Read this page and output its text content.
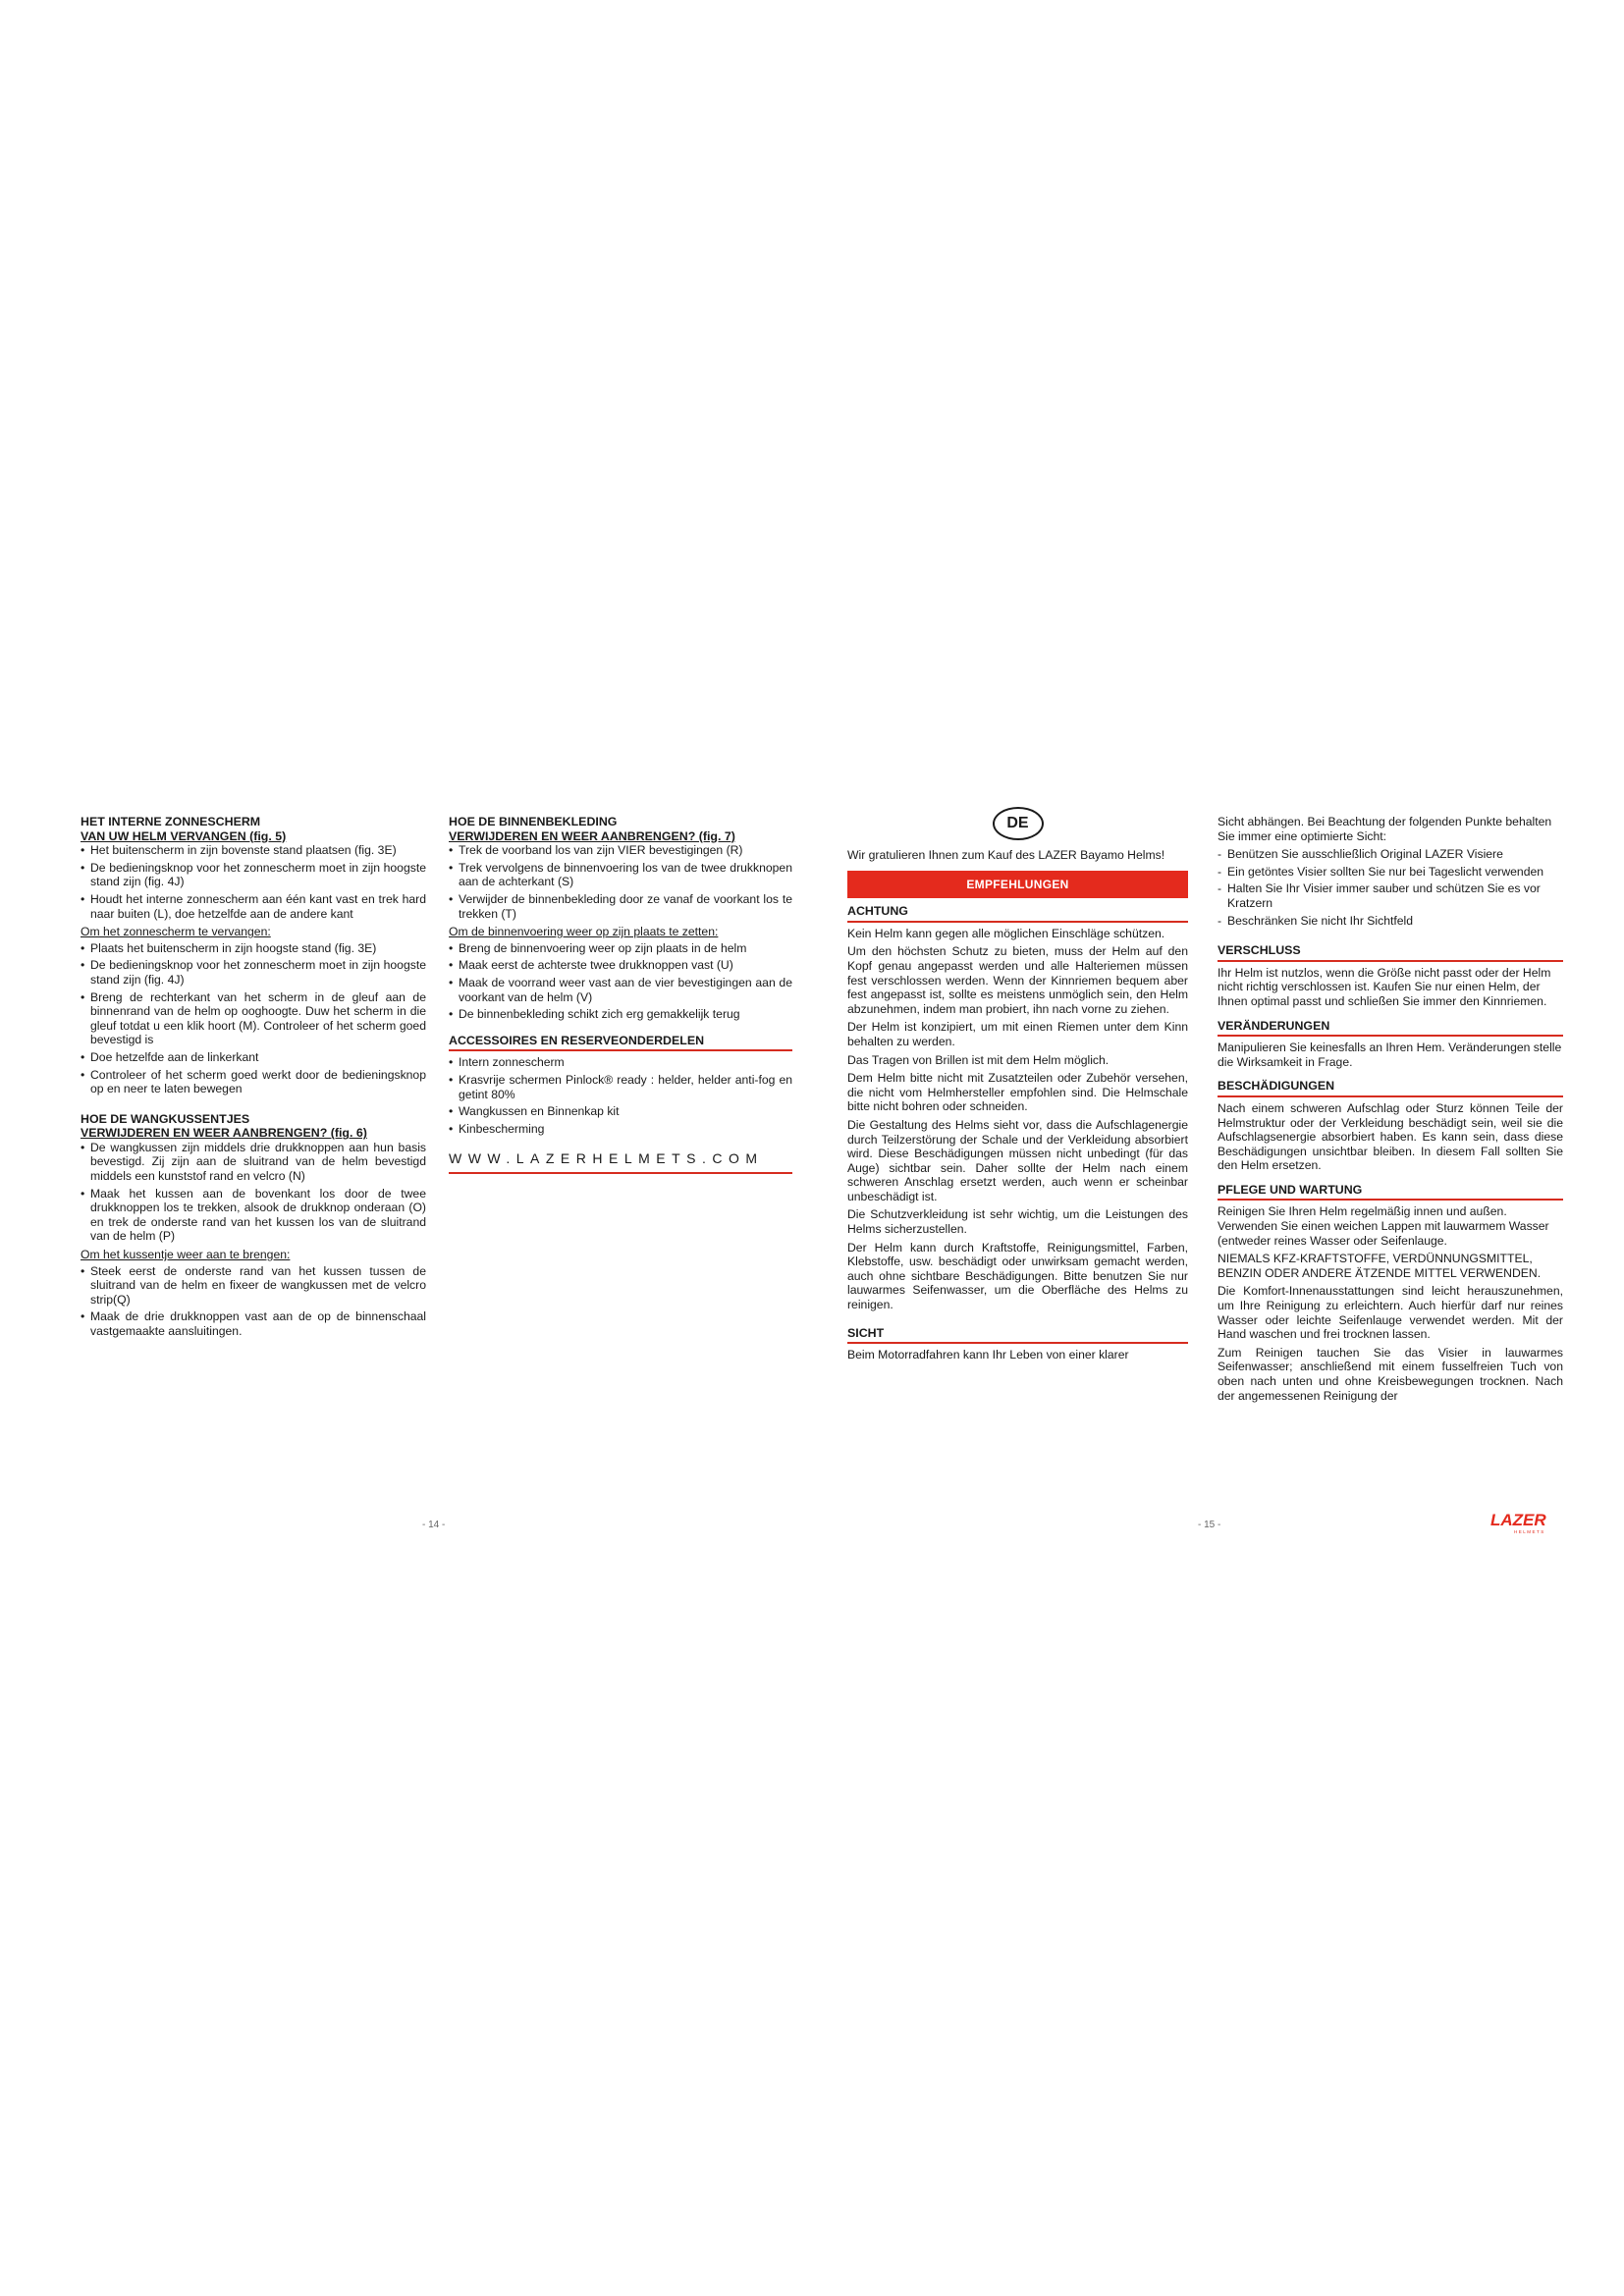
HET INTERNE ZONNESCHERM
VAN UW HELM VERVANGEN (fig. 5)
• Het buitenscherm in zijn bovenste stand plaatsen (fig. 3E)
• De bedieningsknop voor het zonnescherm moet in zijn hoogste stand zijn (fig. 4J)
• Houdt het interne zonnescherm aan één kant vast en trek hard naar buiten (L), doe hetzelfde aan de andere kant
Om het zonnescherm te vervangen:
• Plaats het buitenscherm in zijn hoogste stand (fig. 3E)
• De bedieningsknop voor het zonnescherm moet in zijn hoogste stand zijn (fig. 4J)
• Breng de rechterkant van het scherm in de gleuf aan de binnenrand van de helm op ooghoogte. Duw het scherm in die gleuf totdat u een klik hoort (M). Controleer of het scherm goed bevestigd is
• Doe hetzelfde aan de linkerkant
• Controleer of het scherm goed werkt door de bedieningsknop op en neer te laten bewegen
HOE DE WANGKUSSENTJES
VERWIJDEREN EN WEER AANBRENGEN? (fig. 6)
• De wangkussen zijn middels drie drukknoppen aan hun basis bevestigd. Zij zijn aan de sluitrand van de helm bevestigd middels een kunststof rand en velcro (N)
• Maak het kussen aan de bovenkant los door de twee drukknoppen los te trekken, alsook de drukknop onderaan (O) en trek de onderste rand van het kussen los van de sluitrand van de helm (P)
Om het kussentje weer aan te brengen:
• Steek eerst de onderste rand van het kussen tussen de sluitrand van de helm en fixeer de wangkussen met de velcro strip(Q)
• Maak de drie drukknoppen vast aan de op de binnenschaal vastgemaakte aansluitingen.
HOE DE BINNENBEKLEDING
VERWIJDEREN EN WEER AANBRENGEN? (fig. 7)
• Trek de voorband los van zijn VIER bevestigingen (R)
• Trek vervolgens de binnenvoering los van de twee drukknopen aan de achterkant (S)
• Verwijder de binnenbekleding door ze vanaf de voorkant los te trekken (T)
Om de binnenvoering weer op zijn plaats te zetten:
• Breng de binnenvoering weer op zijn plaats in de helm
• Maak eerst de achterste twee drukknoppen vast (U)
• Maak de voorrand weer vast aan de vier bevestigingen aan de voorkant van de helm (V)
• De binnenbekleding schikt zich erg gemakkelijk terug
ACCESSOIRES EN RESERVEONDERDELEN
• Intern zonnescherm
• Krasvrije schermen Pinlock® ready : helder, helder anti-fog en getint 80%
• Wangkussen en Binnenkap kit
• Kinbescherming
WWW.LAZERHELMETS.COM
DE

Wir gratulieren Ihnen zum Kauf des LAZER Bayamo Helms!

EMPFEHLUNGEN
ACHTUNG

Kein Helm kann gegen alle möglichen Einschläge schützen.

Um den höchsten Schutz zu bieten, muss der Helm auf den Kopf genau angepasst werden und alle Halteriemen müssen fest verschlossen werden. Wenn der Kinnriemen bequem aber fest angepasst ist, sollte es meistens unmöglich sein, den Helm abzunehmen, indem man probiert, ihn nach vorne zu ziehen.

Der Helm ist konzipiert, um mit einen Riemen unter dem Kinn behalten zu werden.

Das Tragen von Brillen ist mit dem Helm möglich.

Dem Helm bitte nicht mit Zusatzteilen oder Zubehör versehen, die nicht vom Helmhersteller empfohlen sind. Die Helmschale bitte nicht bohren oder schneiden.

Die Gestaltung des Helms sieht vor, dass die Aufschlagenergie durch Teilzerstörung der Schale und der Verkleidung absorbiert wird. Diese Beschädigungen müssen nicht unbedingt (für das Auge) sichtbar sein. Daher sollte der Helm nach einem schweren Anschlag ersetzt werden, auch wenn er scheinbar unbeschädigt ist.

Die Schutzverkleidung ist sehr wichtig, um die Leistungen des Helms sicherzustellen.

Der Helm kann durch Kraftstoffe, Reinigungsmittel, Farben, Klebstoffe, usw. beschädigt oder unwirksam gemacht werden, auch ohne sichtbare Beschädigungen. Bitte benutzen Sie nur lauwarmes Seifenwasser, um die Oberfläche des Helms zu reinigen.

SICHT

Beim Motorradfahren kann Ihr Leben von einer klarer

Sicht abhängen. Bei Beachtung der folgenden Punkte behalten Sie immer eine optimierte Sicht:

- Benützen Sie ausschließlich Original LAZER Visiere
- Ein getöntes Visier sollten Sie nur bei Tageslicht verwenden
- Halten Sie Ihr Visier immer sauber und schützen Sie es vor Kratzern
- Beschränken Sie nicht Ihr Sichtfeld
VERSCHLUSS

Ihr Helm ist nutzlos, wenn die Größe nicht passt oder der Helm nicht richtig verschlossen ist. Kaufen Sie nur einen Helm, der Ihnen optimal passt und schließen Sie immer den Kinnriemen.

VERÄNDERUNGEN

Manipulieren Sie keinesfalls an Ihren Hem. Veränderungen stelle die Wirksamkeit in Frage.

BESCHÄDIGUNGEN

Nach einem schweren Aufschlag oder Sturz können Teile der Helmstruktur oder der Verkleidung beschädigt sein, weil sie die Aufschlagsenergie absorbiert haben. Es kann sein, dass diese Beschädigungen unsichtbar bleiben. In diesem Fall sollten Sie den Helm ersetzen.

PFLEGE UND WARTUNG

Reinigen Sie Ihren Helm regelmäßig innen und außen. Verwenden Sie einen weichen Lappen mit lauwarmem Wasser (entweder reines Wasser oder Seifenlauge.

NIEMALS KFZ-KRAFTSTOFFE, VERDÜNNUNGSMITTEL, BENZIN ODER ANDERE ÄTZENDE MITTEL VERWENDEN.

Die Komfort-Innenausstattungen sind leicht herauszunehmen, um Ihre Reinigung zu erleichtern. Auch hierfür darf nur reines Wasser oder leichte Seifenlauge verwendet werden. Mit der Hand waschen und frei trocknen lassen.

Zum Reinigen tauchen Sie das Visier in lauwarmes Seifenwasser; anschließend mit einem fusselfreien Tuch von oben nach unten und ohne Kreisbewegungen trocknen. Nach der angemessenen Reinigung der

- 14 -	- 15 -	LAZER
HELMETS
